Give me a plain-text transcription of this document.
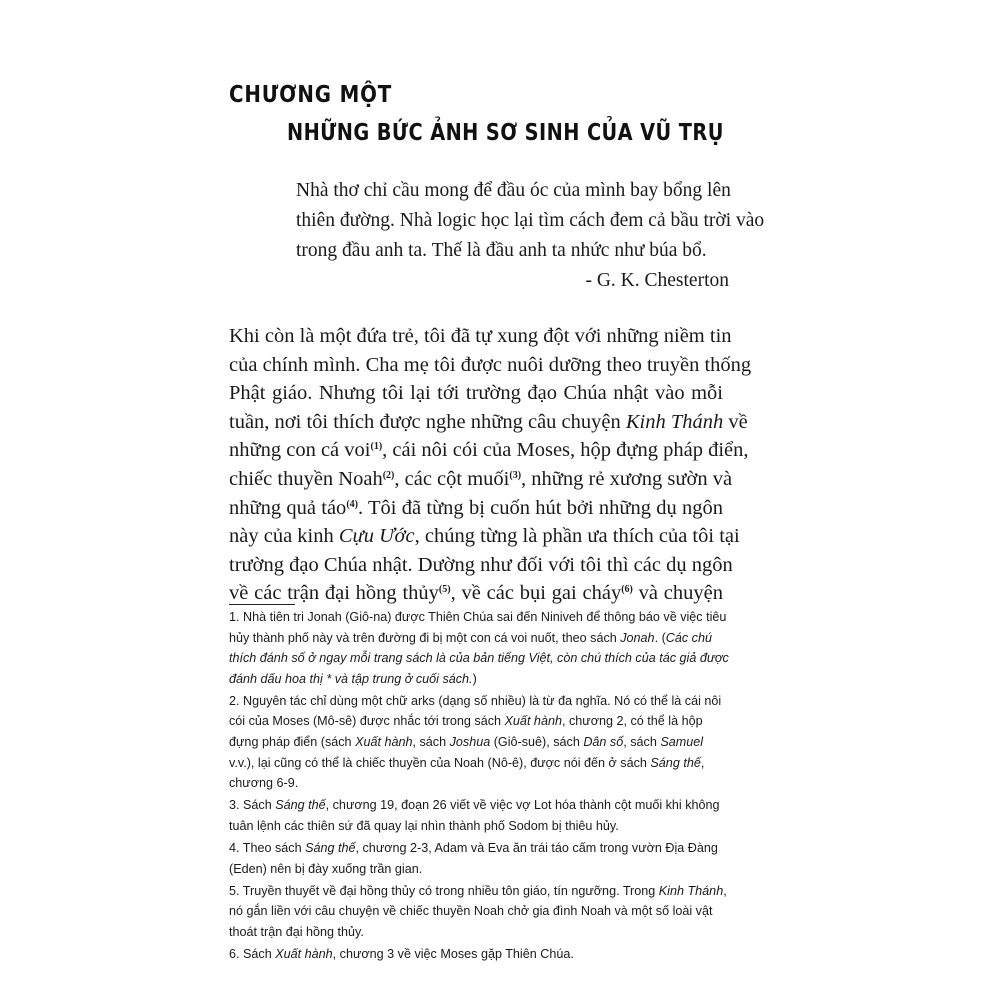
CHƯƠNG MỘT
NHỮNG BỨC ẢNH SƠ SINH CỦA VŨ TRỤ
Nhà thơ chỉ cầu mong để đầu óc của mình bay bổng lên
thiên đường. Nhà logic học lại tìm cách đem cả bầu trời vào
trong đầu anh ta. Thế là đầu anh ta nhức như búa bổ.
- G. K. Chesterton
Khi còn là một đứa trẻ, tôi đã tự xung đột với những niềm tin
của chính mình. Cha mẹ tôi được nuôi dưỡng theo truyền thống
Phật giáo. Nhưng tôi lại tới trường đạo Chúa nhật vào mỗi
tuần, nơi tôi thích được nghe những câu chuyện Kinh Thánh về
những con cá voi$^{(1)}$, cái nôi cói của Moses, hộp đựng pháp điển,
chiếc thuyền Noah$^{(2)}$, các cột muối$^{(3)}$, những rẻ xương sườn và
những quả táo$^{(4)}$. Tôi đã từng bị cuốn hút bởi những dụ ngôn
này của kinh Cựu Ước, chúng từng là phần ưa thích của tôi tại
trường đạo Chúa nhật. Dường như đối với tôi thì các dụ ngôn
về các trận đại hồng thủy$^{(5)}$, về các bụi gai cháy$^{(6)}$ và chuyện
1. Nhà tiên tri Jonah (Giô-na) được Thiên Chúa sai đến Niniveh để thông báo về việc tiêu
hủy thành phố này và trên đường đi bị một con cá voi nuốt, theo sách Jonah. (Các chú
thích đánh số ở ngay mỗi trang sách là của bản tiếng Việt, còn chú thích của tác giả được
đánh dấu hoa thị * và tập trung ở cuối sách.)
2. Nguyên tác chỉ dùng một chữ arks (dạng số nhiều) là từ đa nghĩa. Nó có thể là cái nôi
cói của Moses (Mô-sê) được nhắc tới trong sách Xuất hành, chương 2, có thể là hộp
đựng pháp điển (sách Xuất hành, sách Joshua (Giô-suê), sách Dân số, sách Samuel
v.v.), lại cũng có thể là chiếc thuyền của Noah (Nô-ê), được nói đến ở sách Sáng thế,
chương 6-9.
3. Sách Sáng thế, chương 19, đoạn 26 viết về việc vợ Lot hóa thành cột muối khi không
tuân lệnh các thiên sứ đã quay lại nhìn thành phố Sodom bị thiêu hủy.
4. Theo sách Sáng thế, chương 2-3, Adam và Eva ăn trái táo cấm trong vườn Địa Đàng
(Eden) nên bị đày xuống trần gian.
5. Truyền thuyết về đại hồng thủy có trong nhiều tôn giáo, tín ngưỡng. Trong Kinh Thánh,
nó gắn liền với câu chuyện về chiếc thuyền Noah chở gia đình Noah và một số loài vật
thoát trận đại hồng thủy.
6. Sách Xuất hành, chương 3 về việc Moses gặp Thiên Chúa.
